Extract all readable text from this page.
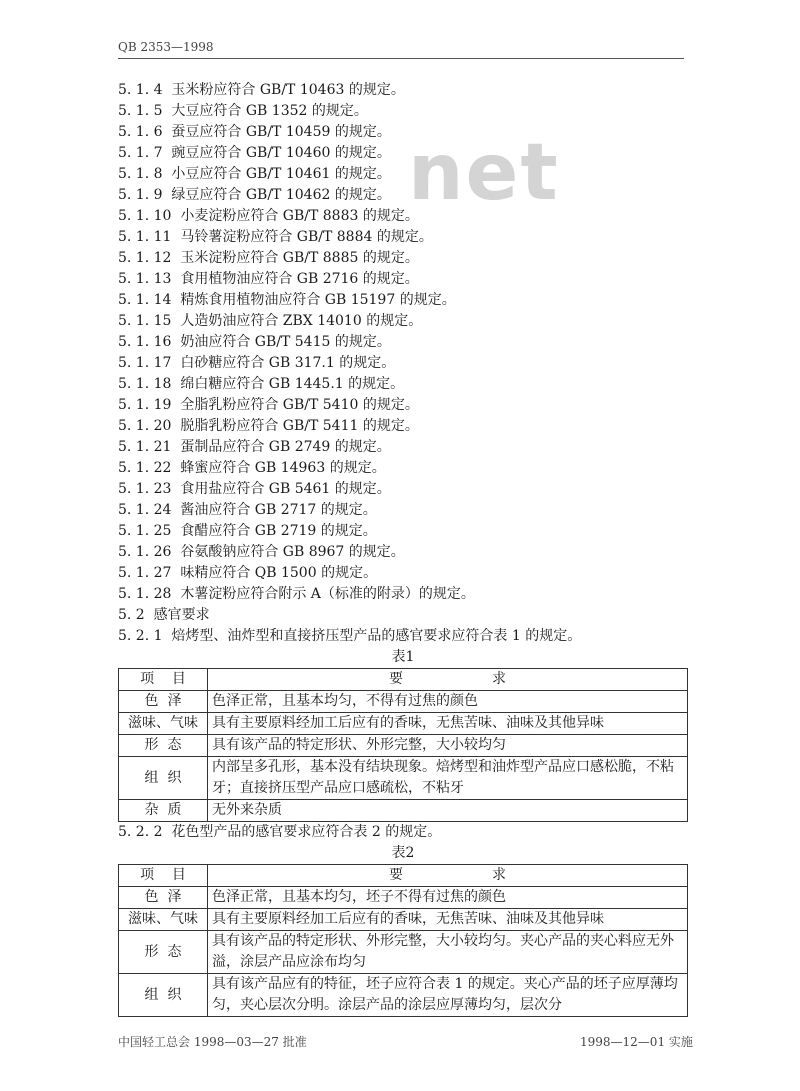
QB 2353—1998
net
5. 1. 4  玉米粉应符合 GB/T 10463 的规定。
5. 1. 5  大豆应符合 GB 1352 的规定。
5. 1. 6  蚕豆应符合 GB/T 10459 的规定。
5. 1. 7  豌豆应符合 GB/T 10460 的规定。
5. 1. 8  小豆应符合 GB/T 10461 的规定。
5. 1. 9  绿豆应符合 GB/T 10462 的规定。
5. 1. 10  小麦淀粉应符合 GB/T 8883 的规定。
5. 1. 11  马铃薯淀粉应符合 GB/T 8884 的规定。
5. 1. 12  玉米淀粉应符合 GB/T 8885 的规定。
5. 1. 13  食用植物油应符合 GB 2716 的规定。
5. 1. 14  精炼食用植物油应符合 GB 15197 的规定。
5. 1. 15  人造奶油应符合 ZBX 14010 的规定。
5. 1. 16  奶油应符合 GB/T 5415 的规定。
5. 1. 17  白砂糖应符合 GB 317.1 的规定。
5. 1. 18  绵白糖应符合 GB 1445.1 的规定。
5. 1. 19  全脂乳粉应符合 GB/T 5410 的规定。
5. 1. 20  脱脂乳粉应符合 GB/T 5411 的规定。
5. 1. 21  蛋制品应符合 GB 2749 的规定。
5. 1. 22  蜂蜜应符合 GB 14963 的规定。
5. 1. 23  食用盐应符合 GB 5461 的规定。
5. 1. 24  酱油应符合 GB 2717 的规定。
5. 1. 25  食醋应符合 GB 2719 的规定。
5. 1. 26  谷氨酸钠应符合 GB 8967 的规定。
5. 1. 27  味精应符合 QB 1500 的规定。
5. 1. 28  木薯淀粉应符合附示 A（标准的附录）的规定。
5. 2  感官要求
5. 2. 1  焙烤型、油炸型和直接挤压型产品的感官要求应符合表 1 的规定。
表1
项    目	要                    求
色  泽	色泽正常，且基本均匀，不得有过焦的颜色
滋味、气味	具有主要原料经加工后应有的香味，无焦苦味、油味及其他异味
形  态	具有该产品的特定形状、外形完整，大小较均匀
组  织	内部呈多孔形，基本没有结块现象。焙烤型和油炸型产品应口感松脆，不粘牙；直接挤压型产品应口感疏松，不粘牙
杂  质	无外来杂质
5. 2. 2  花色型产品的感官要求应符合表 2 的规定。
表2
项    目	要                    求
色  泽	色泽正常，且基本均匀，坯子不得有过焦的颜色
滋味、气味	具有主要原料经加工后应有的香味，无焦苦味、油味及其他异味
形  态	具有该产品的特定形状、外形完整，大小较均匀。夹心产品的夹心料应无外溢，涂层产品应涂布均匀
组  织	具有该产品应有的特征，坯子应符合表 1 的规定。夹心产品的坯子应厚薄均匀，夹心层次分明。涂层产品的涂层应厚薄均匀，层次分
中国轻工总会 1998—03—27 批准	1998—12—01 实施
